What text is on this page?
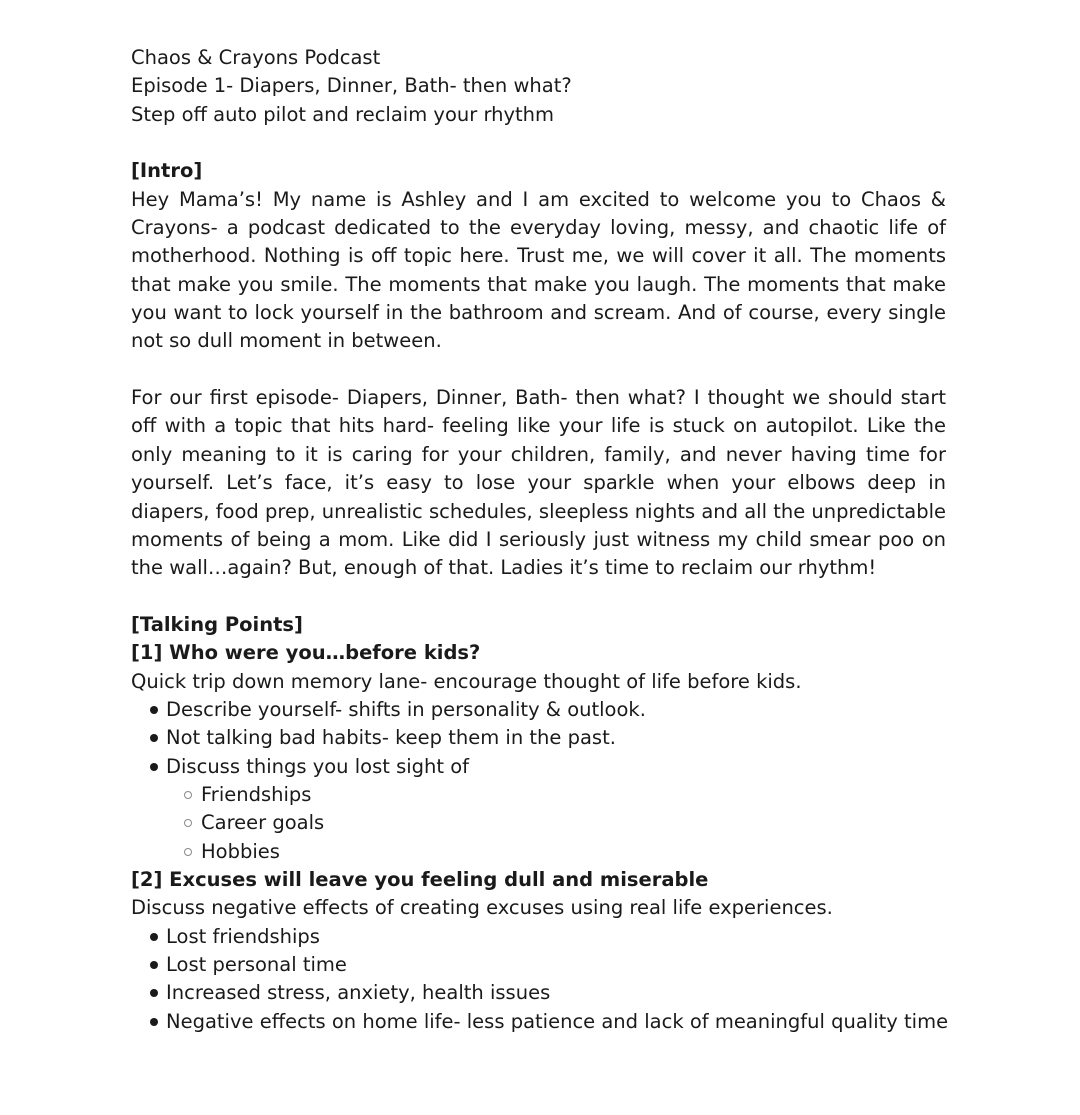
Chaos & Crayons Podcast
Episode 1- Diapers, Dinner, Bath- then what?
Step off auto pilot and reclaim your rhythm
[Intro]
Hey Mama’s! My name is Ashley and I am excited to welcome you to Chaos & Crayons- a podcast dedicated to the everyday loving, messy, and chaotic life of motherhood. Nothing is off topic here. Trust me, we will cover it all. The moments that make you smile. The moments that make you laugh. The moments that make you want to lock yourself in the bathroom and scream. And of course, every single not so dull moment in between.
For our first episode- Diapers, Dinner, Bath- then what? I thought we should start off with a topic that hits hard- feeling like your life is stuck on autopilot. Like the only meaning to it is caring for your children, family, and never having time for yourself. Let’s face, it’s easy to lose your sparkle when your elbows deep in diapers, food prep, unrealistic schedules, sleepless nights and all the unpredictable moments of being a mom. Like did I seriously just witness my child smear poo on the wall…again? But, enough of that. Ladies it’s time to reclaim our rhythm!
[Talking Points]
[1] Who were you…before kids?
Quick trip down memory lane- encourage thought of life before kids.
Describe yourself- shifts in personality & outlook.
Not talking bad habits- keep them in the past.
Discuss things you lost sight of
Friendships
Career goals
Hobbies
[2] Excuses will leave you feeling dull and miserable
Discuss negative effects of creating excuses using real life experiences.
Lost friendships
Lost personal time
Increased stress, anxiety, health issues
Negative effects on home life- less patience and lack of meaningful quality time
